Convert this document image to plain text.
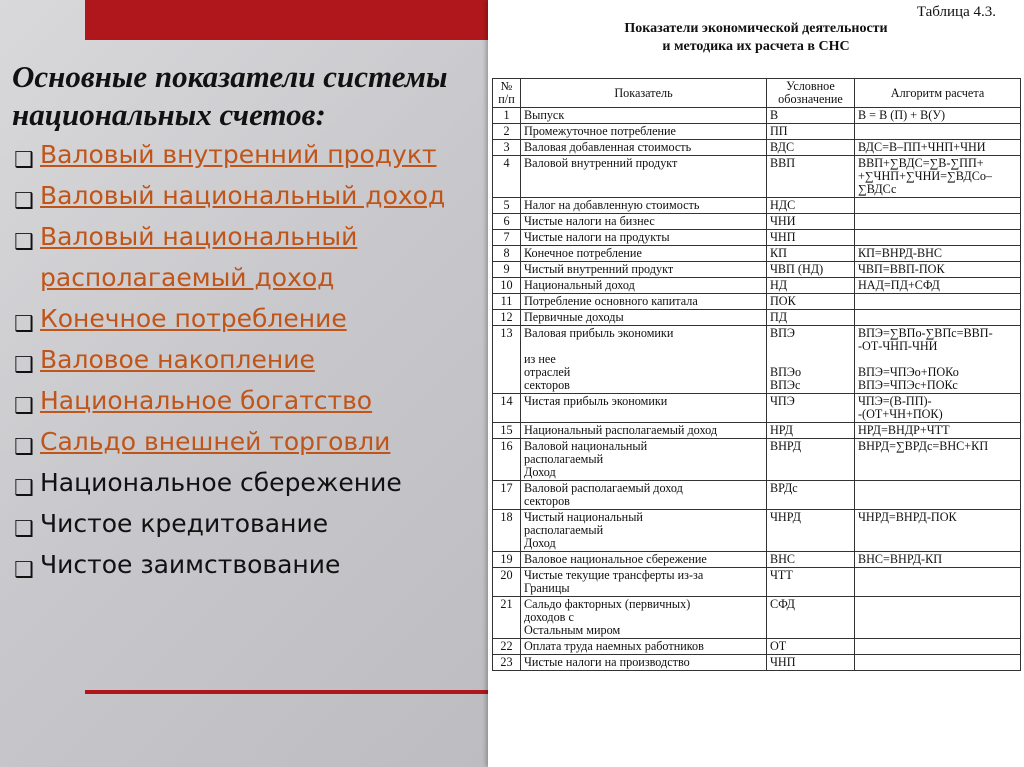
Основные показатели системы
национальных счетов:

❑ Валовый внутренний продукт
❑ Валовый национальный доход
❑ Валовый национальный
располагаемый доход
❑ Конечное потребление
❑ Валовое накопление
❑ Национальное богатство
❑ Сальдо внешней торговли
❑ Национальное сбережение
❑ Чистое кредитование
❑ Чистое заимствование
Таблица 4.3.
Показатели экономической деятельности
и методика их расчета в СНС
№
п/п	Показатель	Условное
обозначение	Алгоритм расчета
1	Выпуск	В	В = В (П) + В(У)
2	Промежуточное потребление	ПП	
3	Валовая добавленная стоимость	ВДС	ВДС=В–ПП+ЧНП+ЧНИ
4	Валовой внутренний продукт	ВВП	ВВП+∑ВДС=∑В-∑ПП+
+∑ЧНП+∑ЧНИ=∑ВДСо–
∑ВДСс
5	Налог на добавленную стоимость	НДС	
6	Чистые налоги на бизнес	ЧНИ	
7	Чистые налоги на продукты	ЧНП	
8	Конечное потребление	КП	КП=ВНРД-ВНС
9	Чистый внутренний продукт	ЧВП (НД)	ЧВП=ВВП-ПОК
10	Национальный доход	НД	НАД=ПД+СФД
11	Потребление основного капитала	ПОК	
12	Первичные доходы	ПД	
13	Валовая прибыль экономики

из нее
отраслей
секторов	ВПЭ

ВПЭо
ВПЭс	ВПЭ=∑ВПо-∑ВПс=ВВП-
-ОТ-ЧНП-ЧНИ

ВПЭ=ЧПЭо+ПОКо
ВПЭ=ЧПЭс+ПОКс
14	Чистая прибыль экономики	ЧПЭ	ЧПЭ=(В-ПП)-
-(ОТ+ЧН+ПОК)
15	Национальный располагаемый доход	НРД	НРД=ВНДР+ЧТТ
16	Валовой национальный
располагаемый
Доход	ВНРД	ВНРД=∑ВРДс=ВНС+КП
17	Валовой располагаемый доход
секторов	ВРДс	
18	Чистый национальный
располагаемый
Доход	ЧНРД	ЧНРД=ВНРД-ПОК
19	Валовое национальное сбережение	ВНС	ВНС=ВНРД-КП
20	Чистые текущие трансферты из-за
Границы	ЧТТ	
21	Сальдо факторных (первичных)
доходов с
Остальным миром	СФД	
22	Оплата труда наемных работников	ОТ	
23	Чистые налоги на производство	ЧНП	
